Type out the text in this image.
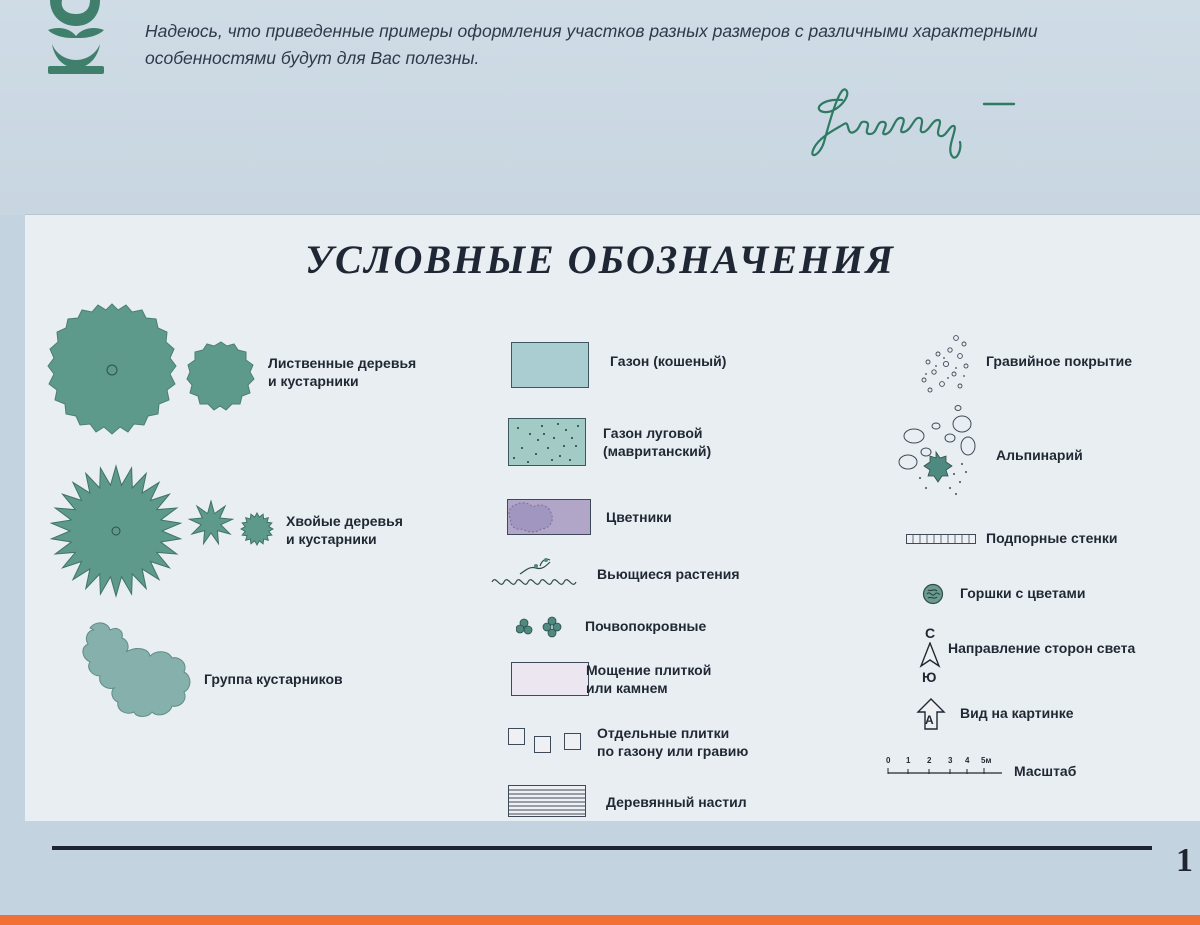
Надеюсь, что приведенные примеры оформления участков разных размеров с различными характерными особенностями будут для Вас полезны.

УСЛОВНЫЕ ОБОЗНАЧЕНИЯ
Лиственные деревья
и кустарники
Хвойые деревья
и кустарники
Группа кустарников
Газон (кошеный)
Газон луговой
(мавританский)
Цветники
Вьющиеся растения
Почвопокровные
Мощение плиткой
или камнем
Отдельные плитки
по газону или гравию
Деревянный настил
Гравийное покрытие
Альпинарий
Подпорные стенки
Горшки с цветами
С
Ю
Направление сторон света
А Вид на картинке
0 1 2 3 4 5м
Масштаб
1
